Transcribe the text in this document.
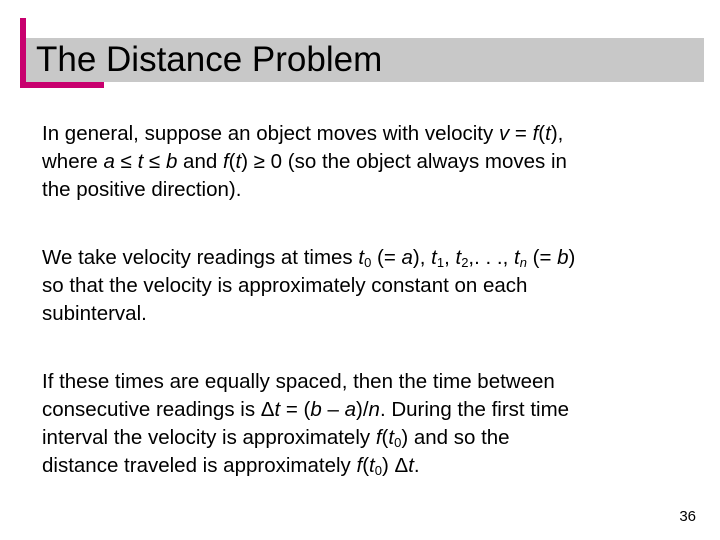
The Distance Problem

In general, suppose an object moves with velocity v = f(t),
where a ≤ t ≤ b and f(t) ≥ 0 (so the object always moves in
the positive direction).

We take velocity readings at times $t_0$ (= a), $t_1$, $t_2$,. . ., $t_n$ (= b)
so that the velocity is approximately constant on each
subinterval.

If these times are equally spaced, then the time between
consecutive readings is Δt = (b – a)/n. During the first time
interval the velocity is approximately $f(t_0)$ and so the
distance traveled is approximately $f(t_0)$ Δt.

36
